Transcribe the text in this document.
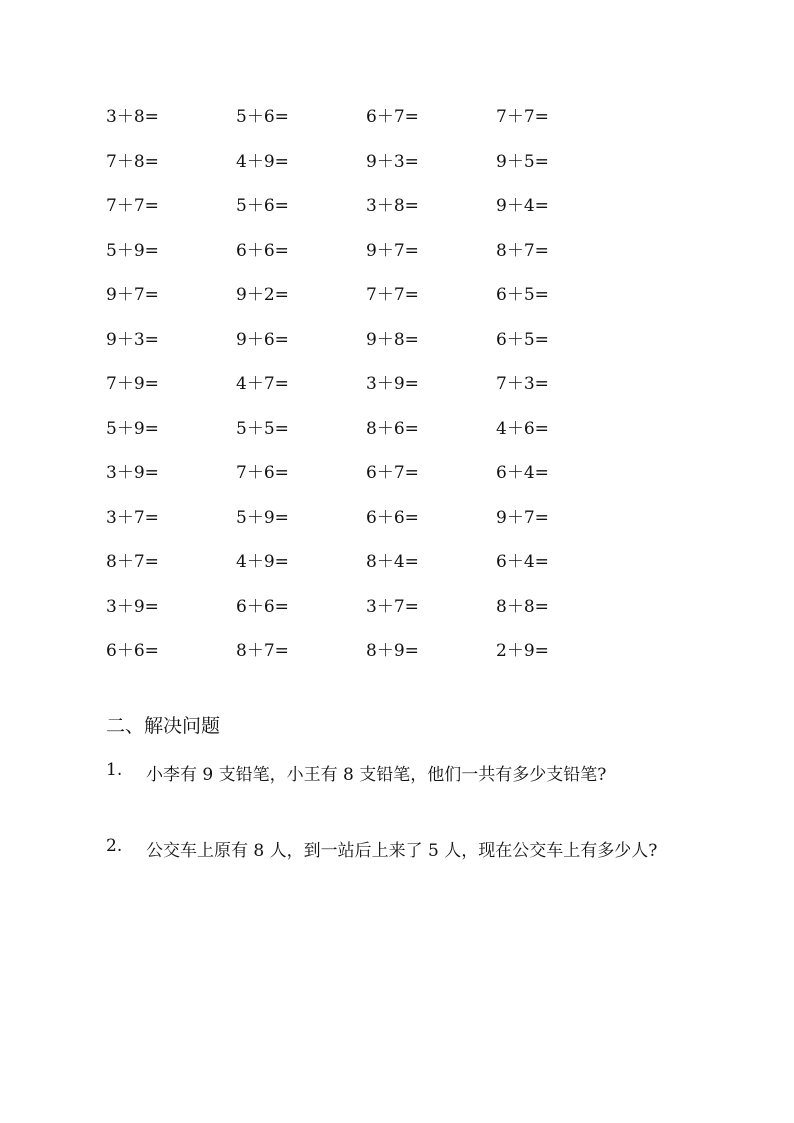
3＋8=	5＋6=	6＋7=	7＋7=
7＋8=	4＋9=	9＋3=	9＋5=
7＋7=	5＋6=	3＋8=	9＋4=
5＋9=	6＋6=	9＋7=	8＋7=
9＋7=	9＋2=	7＋7=	6＋5=
9＋3=	9＋6=	9＋8=	6＋5=
7＋9=	4＋7=	3＋9=	7＋3=
5＋9=	5＋5=	8＋6=	4＋6=
3＋9=	7＋6=	6＋7=	6＋4=
3＋7=	5＋9=	6＋6=	9＋7=
8＋7=	4＋9=	8＋4=	6＋4=
3＋9=	6＋6=	3＋7=	8＋8=
6＋6=	8＋7=	8＋9=	2＋9=
二、解决问题
1.	小李有 9 支铅笔，小王有 8 支铅笔，他们一共有多少支铅笔?
2.	公交车上原有 8 人，到一站后上来了 5 人，现在公交车上有多少人?
